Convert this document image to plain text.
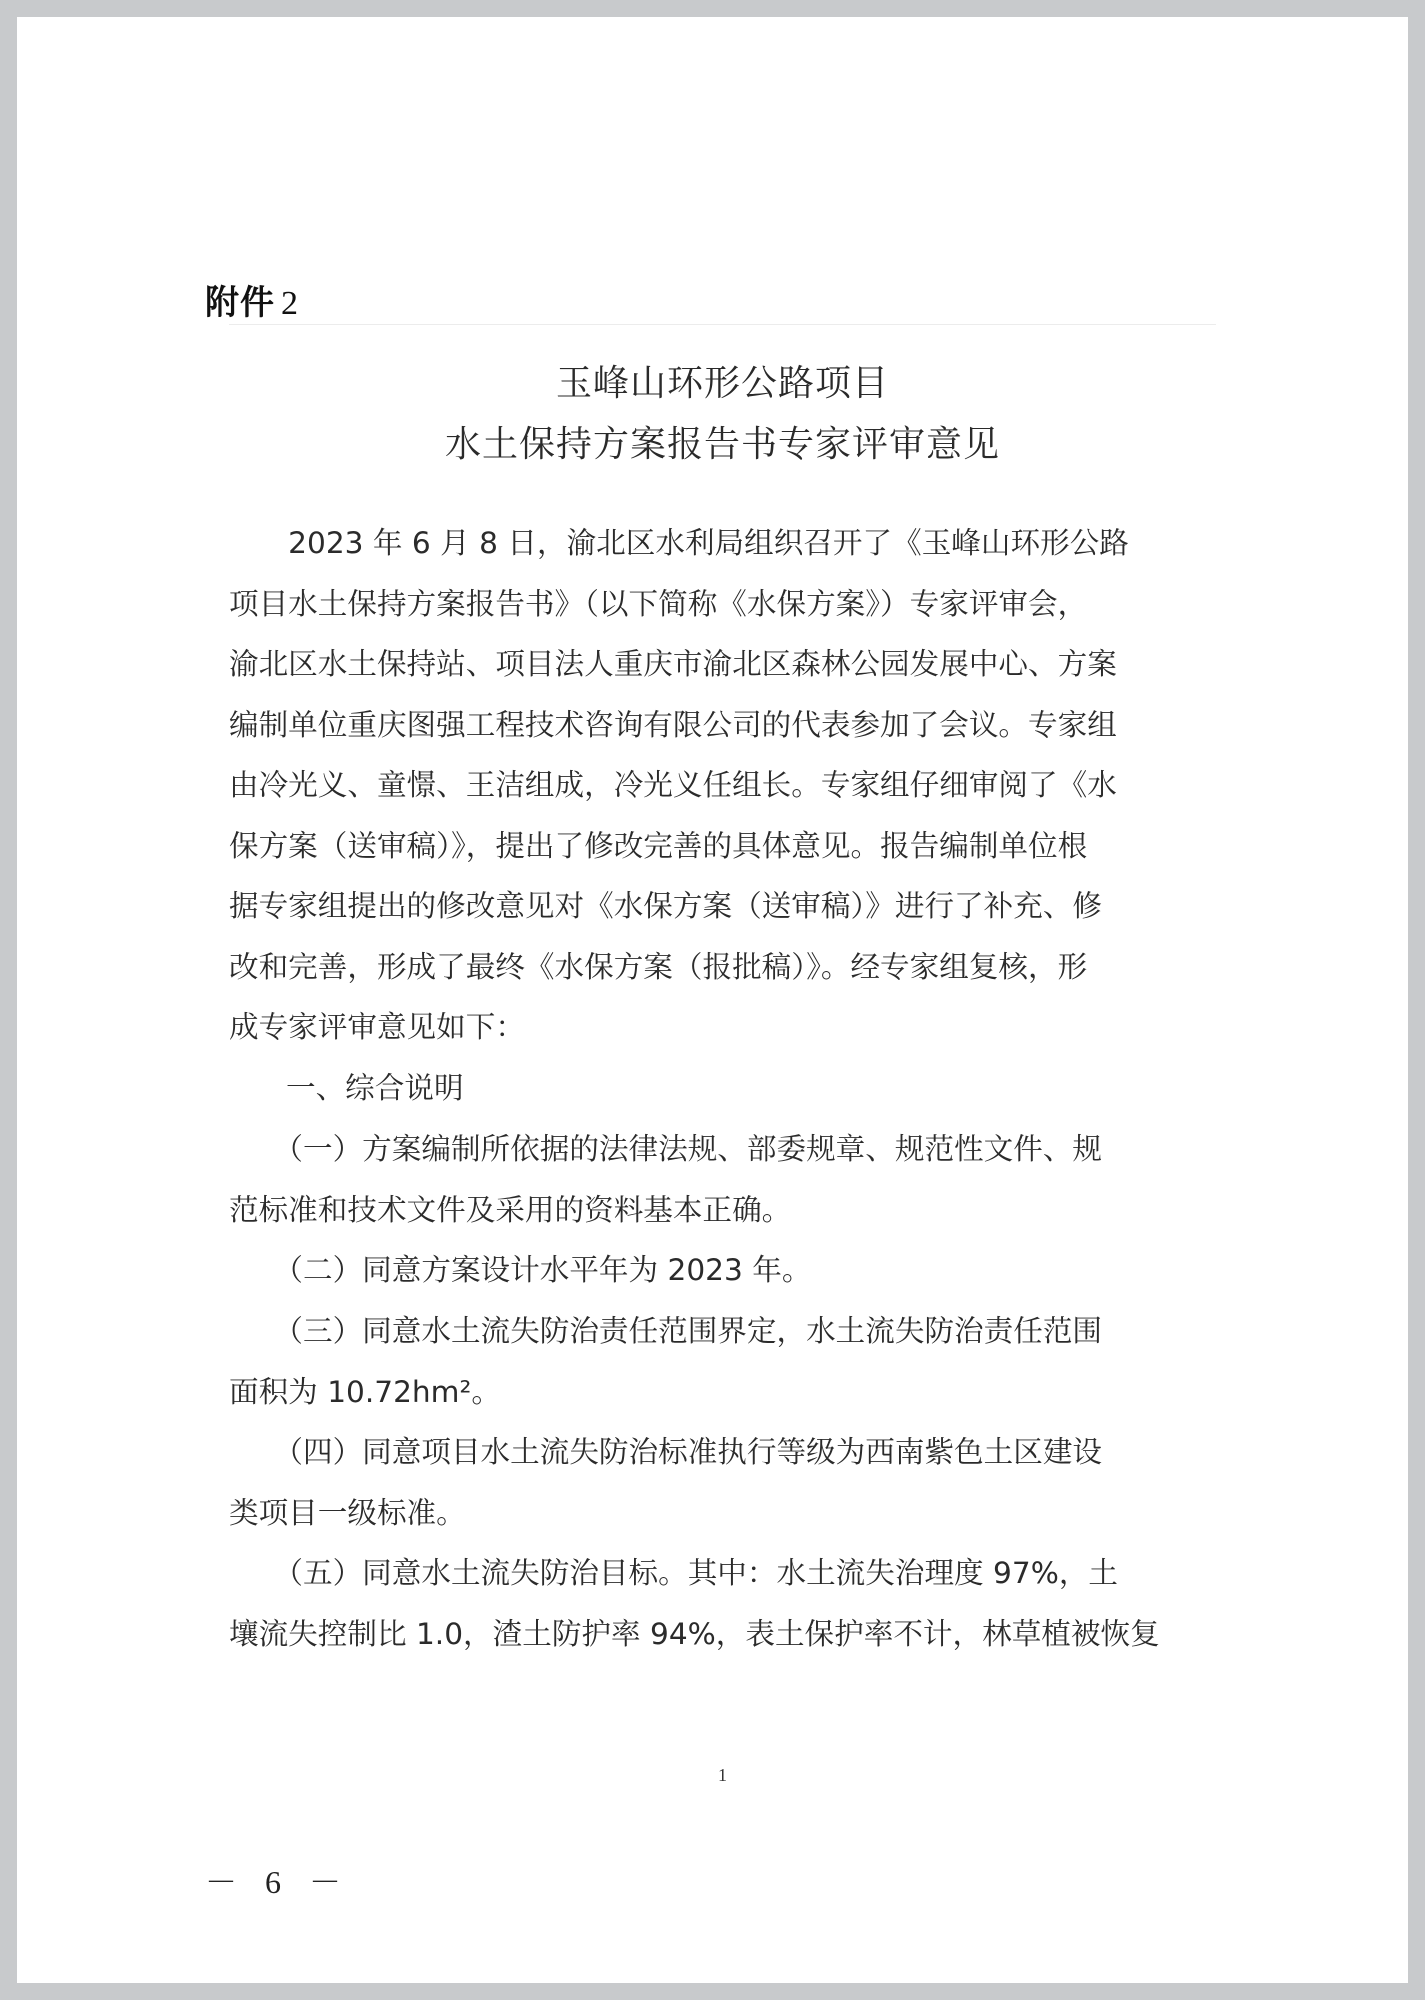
附件 2
玉峰山环形公路项目
水土保持方案报告书专家评审意见
　　2023 年 6 月 8 日，渝北区水利局组织召开了《玉峰山环形公路
项目水土保持方案报告书》（以下简称《水保方案》）专家评审会，
渝北区水土保持站、项目法人重庆市渝北区森林公园发展中心、方案
编制单位重庆图强工程技术咨询有限公司的代表参加了会议。专家组
由冷光义、童憬、王洁组成，冷光义任组长。专家组仔细审阅了《水
保方案（送审稿）》，提出了修改完善的具体意见。报告编制单位根
据专家组提出的修改意见对《水保方案（送审稿）》进行了补充、修
改和完善，形成了最终《水保方案（报批稿）》。经专家组复核，形
成专家评审意见如下：
一、综合说明
　　（一）方案编制所依据的法律法规、部委规章、规范性文件、规
范标准和技术文件及采用的资料基本正确。
　　（二）同意方案设计水平年为 2023 年。
　　（三）同意水土流失防治责任范围界定，水土流失防治责任范围
面积为 10.72hm²。
　　（四）同意项目水土流失防治标准执行等级为西南紫色土区建设
类项目一级标准。
　　（五）同意水土流失防治目标。其中：水土流失治理度 97%，土
壤流失控制比 1.0，渣土防护率 94%，表土保护率不计，林草植被恢复
1
－ 6 －
